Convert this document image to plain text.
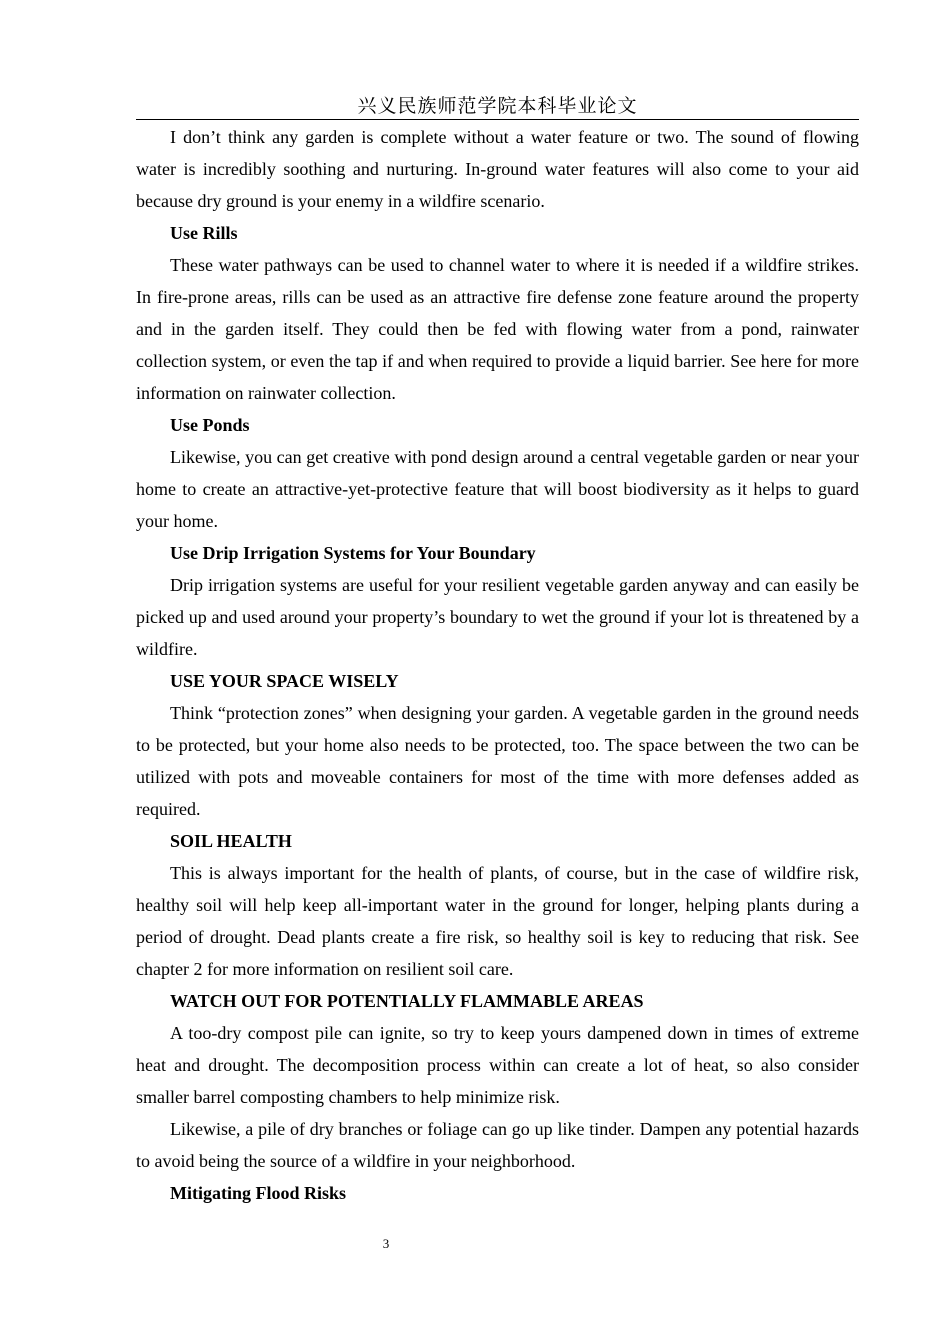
兴义民族师范学院本科毕业论文

I don’t think any garden is complete without a water feature or two. The sound of flowing water is incredibly soothing and nurturing. In-ground water features will also come to your aid because dry ground is your enemy in a wildfire scenario.

Use Rills

These water pathways can be used to channel water to where it is needed if a wildfire strikes. In fire-prone areas, rills can be used as an attractive fire defense zone feature around the property and in the garden itself. They could then be fed with flowing water from a pond, rainwater collection system, or even the tap if and when required to provide a liquid barrier. See here for more information on rainwater collection.

Use Ponds

Likewise, you can get creative with pond design around a central vegetable garden or near your home to create an attractive-yet-protective feature that will boost biodiversity as it helps to guard your home.

Use Drip Irrigation Systems for Your Boundary

Drip irrigation systems are useful for your resilient vegetable garden anyway and can easily be picked up and used around your property’s boundary to wet the ground if your lot is threatened by a wildfire.

USE YOUR SPACE WISELY

Think “protection zones” when designing your garden. A vegetable garden in the ground needs to be protected, but your home also needs to be protected, too. The space between the two can be utilized with pots and moveable containers for most of the time with more defenses added as required.

SOIL HEALTH

This is always important for the health of plants, of course, but in the case of wildfire risk, healthy soil will help keep all-important water in the ground for longer, helping plants during a period of drought. Dead plants create a fire risk, so healthy soil is key to reducing that risk. See chapter 2 for more information on resilient soil care.

WATCH OUT FOR POTENTIALLY FLAMMABLE AREAS

A too-dry compost pile can ignite, so try to keep yours dampened down in times of extreme heat and drought. The decomposition process within can create a lot of heat, so also consider smaller barrel composting chambers to help minimize risk.

Likewise, a pile of dry branches or foliage can go up like tinder. Dampen any potential hazards to avoid being the source of a wildfire in your neighborhood.

Mitigating Flood Risks

3
